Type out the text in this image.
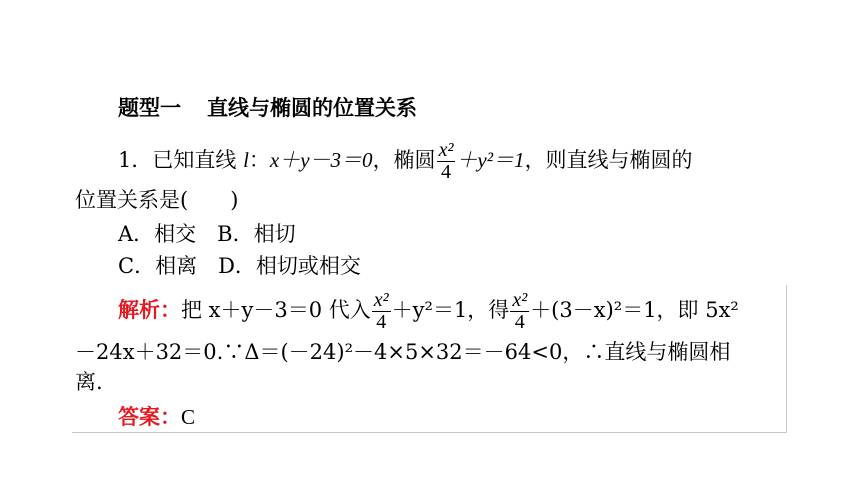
题型一 直线与椭圆的位置关系
1．已知直线 l：x＋y－3＝0，椭圆 $\frac{\text{x²}}{4} +y^2=1$，则直线与椭圆的
位置关系是(　　)
A．相交　B．相切
C．相离　D．相切或相交
解析：把 x＋y－3＝0 代入 $\frac{\text{x²}}{4} +y^2=1$，得 $\frac{\text{x²}}{4} +(3-x)^2=1$，即 5x²
－24x＋32＝0.∵Δ＝(－24)²－4×5×32＝－64<0，∴直线与椭圆相
离.
答案：C
